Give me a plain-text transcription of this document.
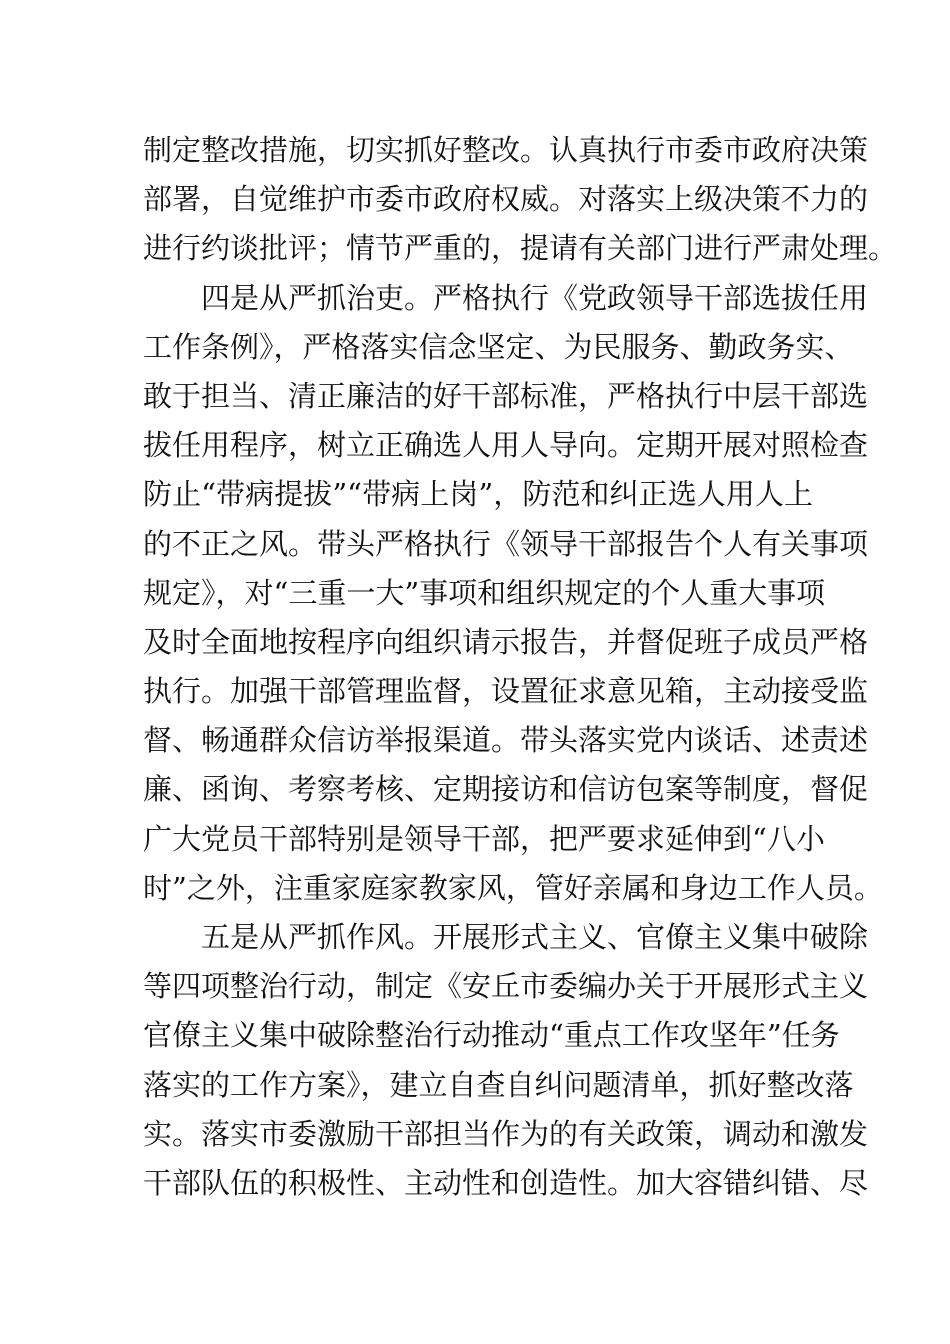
制定整改措施，切实抓好整改。认真执行市委市政府决策
部署，自觉维护市委市政府权威。对落实上级决策不力的
进行约谈批评；情节严重的，提请有关部门进行严肃处理。
四是从严抓治吏。严格执行《党政领导干部选拔任用
工作条例》，严格落实信念坚定、为民服务、勤政务实、
敢于担当、清正廉洁的好干部标准，严格执行中层干部选
拔任用程序，树立正确选人用人导向。定期开展对照检查
防止“带病提拔”“带病上岗”，防范和纠正选人用人上
的不正之风。带头严格执行《领导干部报告个人有关事项
规定》，对“三重一大”事项和组织规定的个人重大事项
及时全面地按程序向组织请示报告，并督促班子成员严格
执行。加强干部管理监督，设置征求意见箱，主动接受监
督、畅通群众信访举报渠道。带头落实党内谈话、述责述
廉、函询、考察考核、定期接访和信访包案等制度，督促
广大党员干部特别是领导干部，把严要求延伸到“八小
时”之外，注重家庭家教家风，管好亲属和身边工作人员。
五是从严抓作风。开展形式主义、官僚主义集中破除
等四项整治行动，制定《安丘市委编办关于开展形式主义
官僚主义集中破除整治行动推动“重点工作攻坚年”任务
落实的工作方案》，建立自查自纠问题清单，抓好整改落
实。落实市委激励干部担当作为的有关政策，调动和激发
干部队伍的积极性、主动性和创造性。加大容错纠错、尽
